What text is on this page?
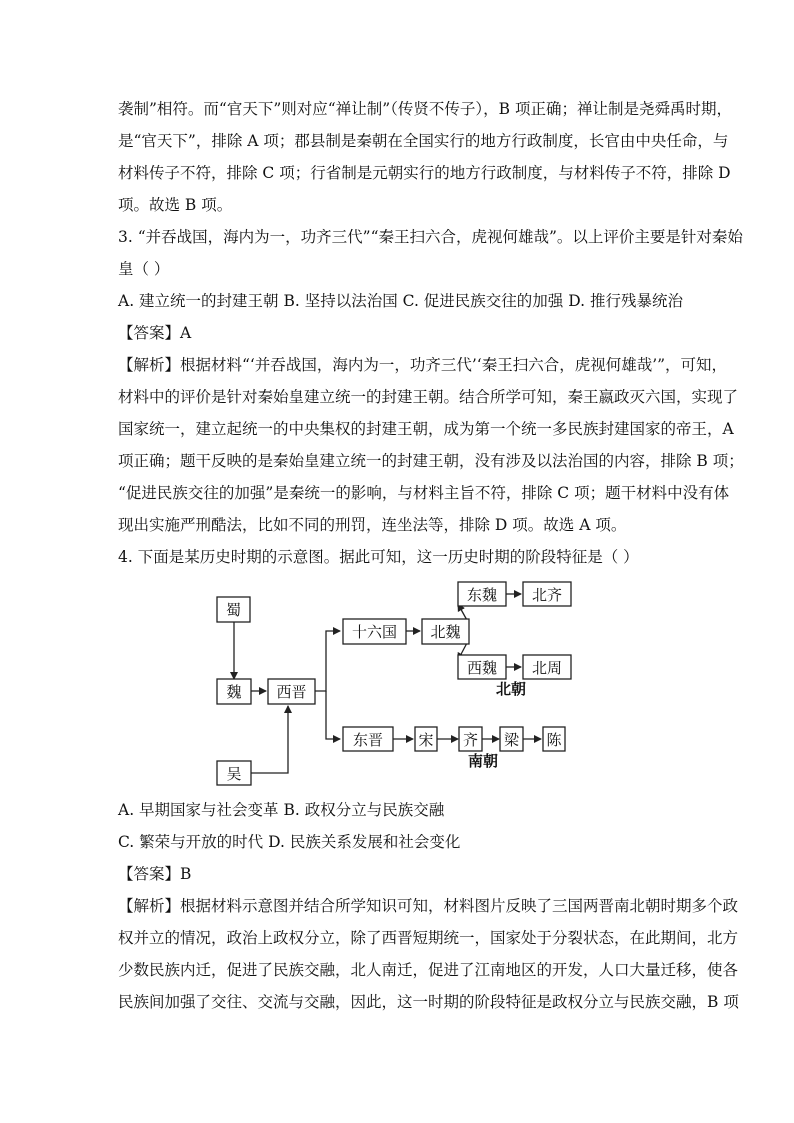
袭制”相符。而“官天下”则对应“禅让制”（传贤不传子），B 项正确；禅让制是尧舜禹时期，
是“官天下”，排除 A 项；郡县制是秦朝在全国实行的地方行政制度，长官由中央任命，与
材料传子不符，排除 C 项；行省制是元朝实行的地方行政制度，与材料传子不符，排除 D
项。故选 B 项。
3. “并吞战国，海内为一，功齐三代”“秦王扫六合，虎视何雄哉”。以上评价主要是针对秦始
皇（ ）
A. 建立统一的封建王朝 B. 坚持以法治国 C. 促进民族交往的加强 D. 推行残暴统治
【答案】A
【解析】根据材料“‘并吞战国，海内为一，功齐三代’‘秦王扫六合，虎视何雄哉’”，可知，
材料中的评价是针对秦始皇建立统一的封建王朝。结合所学可知，秦王嬴政灭六国，实现了
国家统一，建立起统一的中央集权的封建王朝，成为第一个统一多民族封建国家的帝王，A
项正确；题干反映的是秦始皇建立统一的封建王朝，没有涉及以法治国的内容，排除 B 项；
“促进民族交往的加强”是秦统一的影响，与材料主旨不符，排除 C 项；题干材料中没有体
现出实施严刑酷法，比如不同的刑罚，连坐法等，排除 D 项。故选 A 项。
4. 下面是某历史时期的示意图。据此可知，这一历史时期的阶段特征是（ ）
蜀
魏
吴
西晋
十六国 北魏
东魏 北齐
西魏 北周
东晋 宋 齐 梁 陈
北朝
南朝
A. 早期国家与社会变革 B. 政权分立与民族交融
C. 繁荣与开放的时代 D. 民族关系发展和社会变化
【答案】B
【解析】根据材料示意图并结合所学知识可知，材料图片反映了三国两晋南北朝时期多个政
权并立的情况，政治上政权分立，除了西晋短期统一，国家处于分裂状态，在此期间，北方
少数民族内迁，促进了民族交融，北人南迁，促进了江南地区的开发，人口大量迁移，使各
民族间加强了交往、交流与交融，因此，这一时期的阶段特征是政权分立与民族交融，B 项
